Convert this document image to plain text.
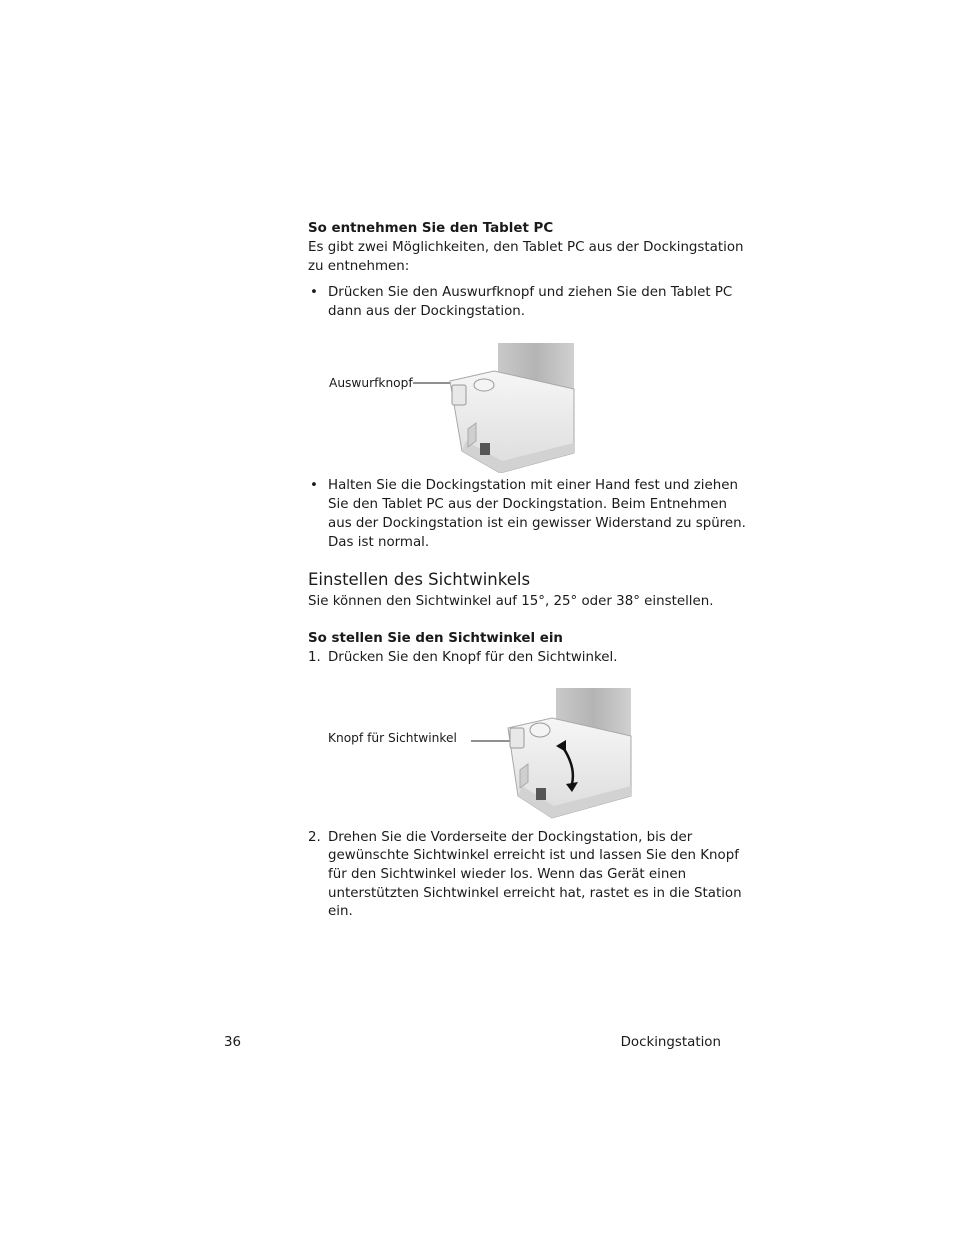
So entnehmen Sie den Tablet PC
Es gibt zwei Möglichkeiten, den Tablet PC aus der Dockingstation
zu entnehmen:
• Drücken Sie den Auswurfknopf und ziehen Sie den Tablet PC
dann aus der Dockingstation.
Auswurfknopf
• Halten Sie die Dockingstation mit einer Hand fest und ziehen
Sie den Tablet PC aus der Dockingstation. Beim Entnehmen
aus der Dockingstation ist ein gewisser Widerstand zu spüren.
Das ist normal.
Einstellen des Sichtwinkels
Sie können den Sichtwinkel auf 15°, 25° oder 38° einstellen.
So stellen Sie den Sichtwinkel ein
1. Drücken Sie den Knopf für den Sichtwinkel.
Knopf für Sichtwinkel
2. Drehen Sie die Vorderseite der Dockingstation, bis der
gewünschte Sichtwinkel erreicht ist und lassen Sie den Knopf
für den Sichtwinkel wieder los. Wenn das Gerät einen
unterstützten Sichtwinkel erreicht hat, rastet es in die Station
ein.
36	Dockingstation
